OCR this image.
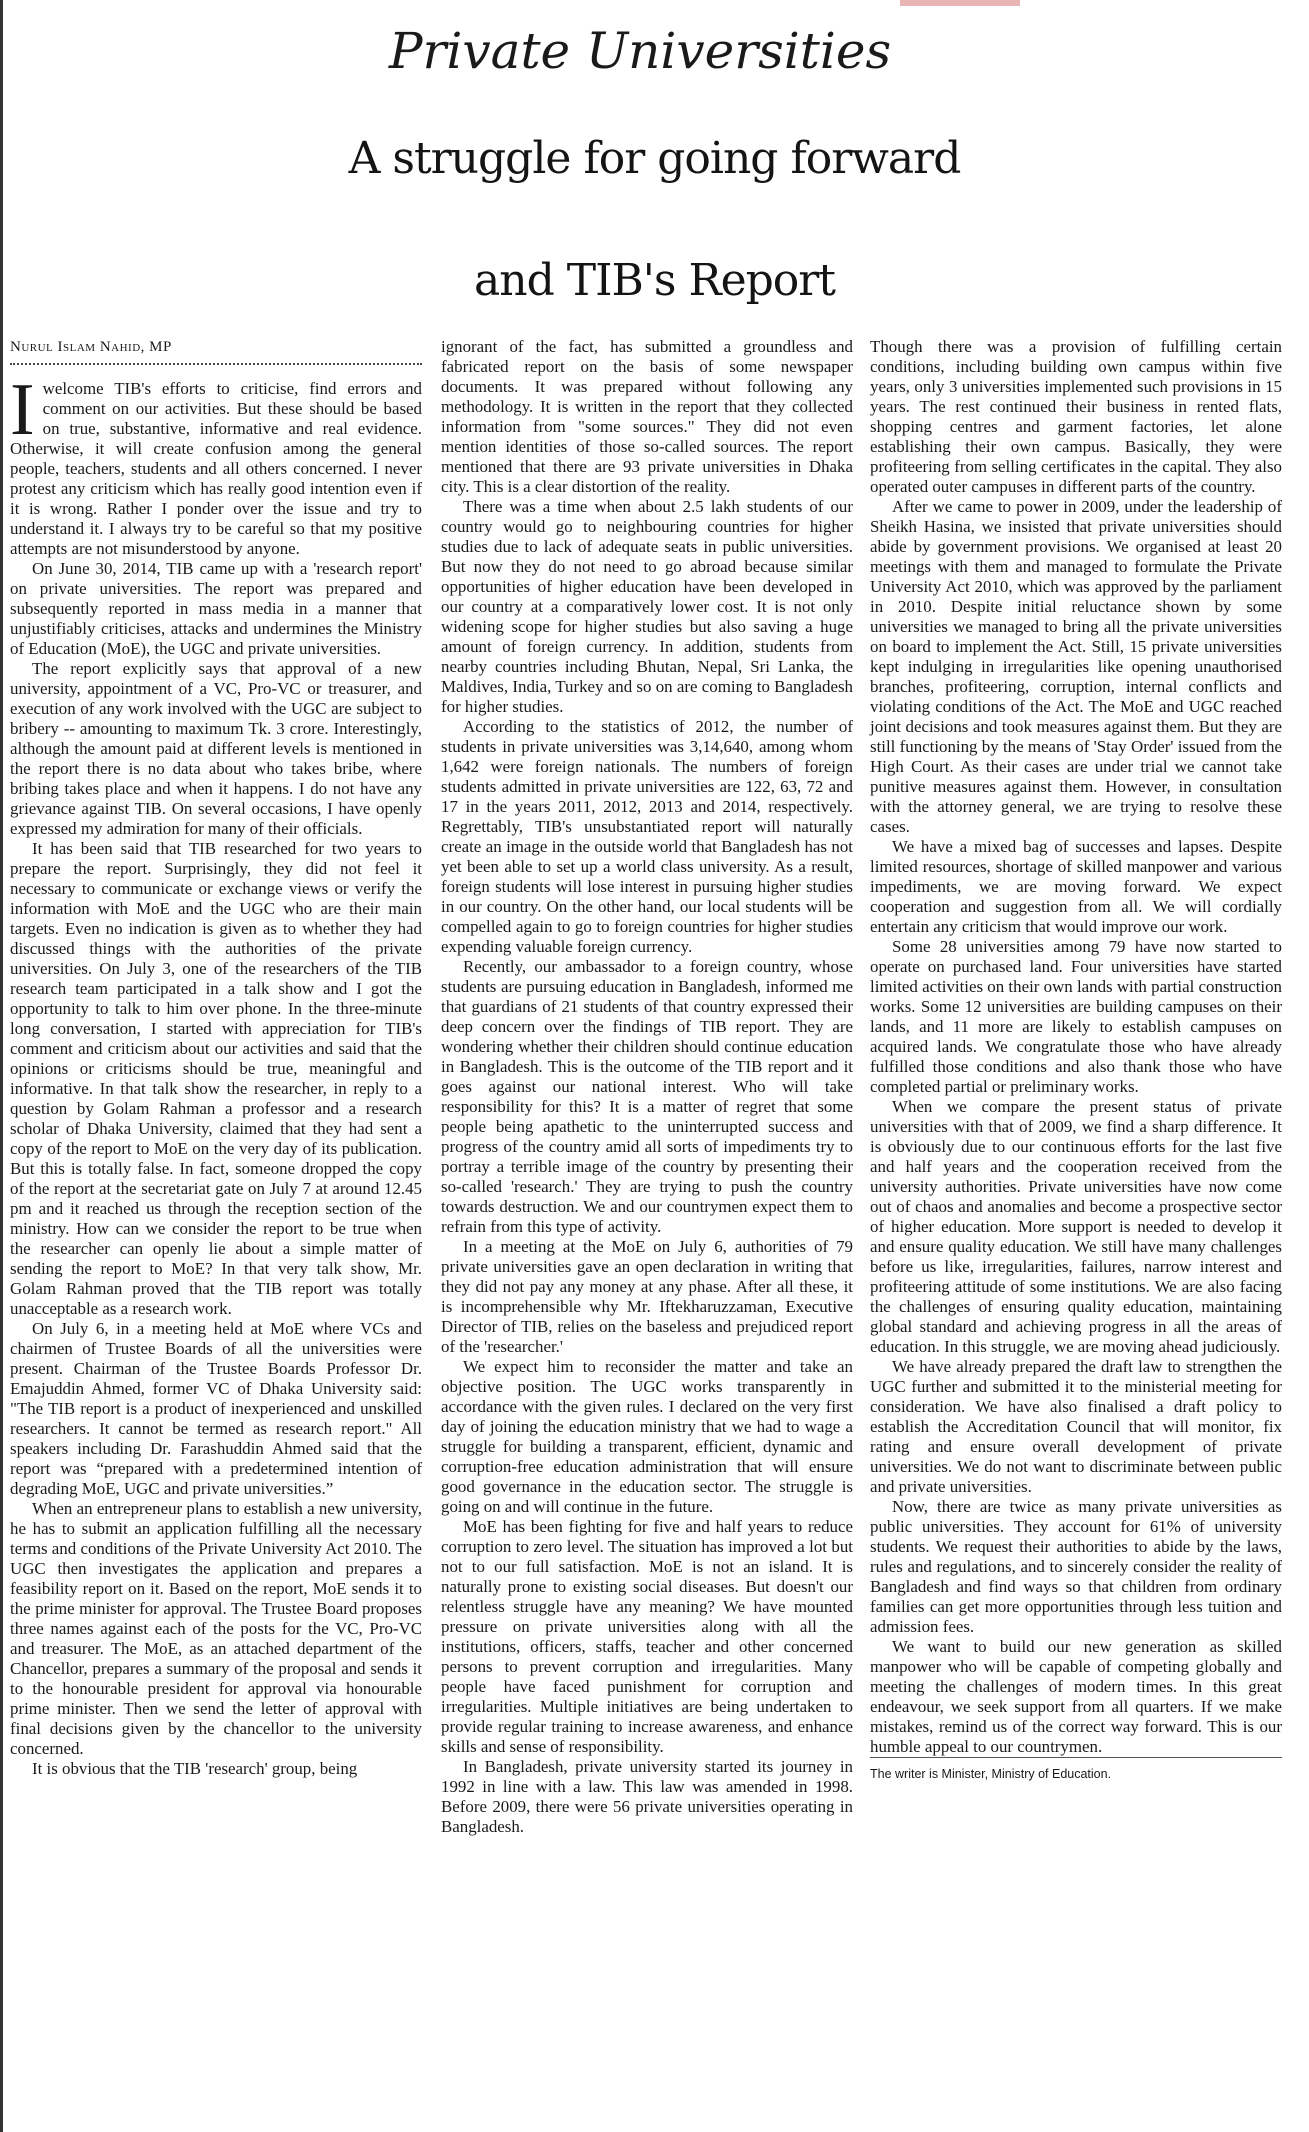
Private Universities
A struggle for going forward
and TIB's Report
Nurul Islam Nahid, MP

Iwelcome TIB's efforts to criticise, find errors and comment on our activities. But these should be based on true, substantive, informative and real evidence. Otherwise, it will create confusion among the general people, teachers, students and all others concerned. I never protest any criticism which has really good intention even if it is wrong. Rather I ponder over the issue and try to understand it. I always try to be careful so that my positive attempts are not misunderstood by anyone.

On June 30, 2014, TIB came up with a 'research report' on private universities. The report was prepared and subsequently reported in mass media in a manner that unjustifiably criticises, attacks and undermines the Ministry of Education (MoE), the UGC and private universities.

The report explicitly says that approval of a new university, appointment of a VC, Pro-VC or treasurer, and execution of any work involved with the UGC are subject to bribery -- amounting to maximum Tk. 3 crore. Interestingly, although the amount paid at different levels is mentioned in the report there is no data about who takes bribe, where bribing takes place and when it happens. I do not have any grievance against TIB. On several occasions, I have openly expressed my admiration for many of their officials.

It has been said that TIB researched for two years to prepare the report. Surprisingly, they did not feel it necessary to communicate or exchange views or verify the information with MoE and the UGC who are their main targets. Even no indication is given as to whether they had discussed things with the authorities of the private universities. On July 3, one of the researchers of the TIB research team participated in a talk show and I got the opportunity to talk to him over phone. In the three-minute long conversation, I started with appreciation for TIB's comment and criticism about our activities and said that the opinions or criticisms should be true, meaningful and informative. In that talk show the researcher, in reply to a question by Golam Rahman a professor and a research scholar of Dhaka University, claimed that they had sent a copy of the report to MoE on the very day of its publication. But this is totally false. In fact, someone dropped the copy of the report at the secretariat gate on July 7 at around 12.45 pm and it reached us through the reception section of the ministry. How can we consider the report to be true when the researcher can openly lie about a simple matter of sending the report to MoE? In that very talk show, Mr. Golam Rahman proved that the TIB report was totally unacceptable as a research work.

On July 6, in a meeting held at MoE where VCs and chairmen of Trustee Boards of all the universities were present. Chairman of the Trustee Boards Professor Dr. Emajuddin Ahmed, former VC of Dhaka University said: "The TIB report is a product of inexperienced and unskilled researchers. It cannot be termed as research report." All speakers including Dr. Farashuddin Ahmed said that the report was “prepared with a predetermined intention of degrading MoE, UGC and private universities.”

When an entrepreneur plans to establish a new university, he has to submit an application fulfilling all the necessary terms and conditions of the Private University Act 2010. The UGC then investigates the application and prepares a feasibility report on it. Based on the report, MoE sends it to the prime minister for approval. The Trustee Board proposes three names against each of the posts for the VC, Pro-VC and treasurer. The MoE, as an attached department of the Chancellor, prepares a summary of the proposal and sends it to the honourable president for approval via honourable prime minister. Then we send the letter of approval with final decisions given by the chancellor to the university concerned.

It is obvious that the TIB 'research' group, being

ignorant of the fact, has submitted a groundless and fabricated report on the basis of some newspaper documents. It was prepared without following any methodology. It is written in the report that they collected information from "some sources." They did not even mention identities of those so-called sources. The report mentioned that there are 93 private universities in Dhaka city. This is a clear distortion of the reality.

There was a time when about 2.5 lakh students of our country would go to neighbouring countries for higher studies due to lack of adequate seats in public universities. But now they do not need to go abroad because similar opportunities of higher education have been developed in our country at a comparatively lower cost. It is not only widening scope for higher studies but also saving a huge amount of foreign currency. In addition, students from nearby countries including Bhutan, Nepal, Sri Lanka, the Maldives, India, Turkey and so on are coming to Bangladesh for higher studies.

According to the statistics of 2012, the number of students in private universities was 3,14,640, among whom 1,642 were foreign nationals. The numbers of foreign students admitted in private universities are 122, 63, 72 and 17 in the years 2011, 2012, 2013 and 2014, respectively. Regrettably, TIB's unsubstantiated report will naturally create an image in the outside world that Bangladesh has not yet been able to set up a world class university. As a result, foreign students will lose interest in pursuing higher studies in our country. On the other hand, our local students will be compelled again to go to foreign countries for higher studies expending valuable foreign currency.

Recently, our ambassador to a foreign country, whose students are pursuing education in Bangladesh, informed me that guardians of 21 students of that country expressed their deep concern over the findings of TIB report. They are wondering whether their children should continue education in Bangladesh. This is the outcome of the TIB report and it goes against our national interest. Who will take responsibility for this? It is a matter of regret that some people being apathetic to the uninterrupted success and progress of the country amid all sorts of impediments try to portray a terrible image of the country by presenting their so-called 'research.' They are trying to push the country towards destruction. We and our countrymen expect them to refrain from this type of activity.

In a meeting at the MoE on July 6, authorities of 79 private universities gave an open declaration in writing that they did not pay any money at any phase. After all these, it is incomprehensible why Mr. Iftekharuzzaman, Executive Director of TIB, relies on the baseless and prejudiced report of the 'researcher.'

We expect him to reconsider the matter and take an objective position. The UGC works transparently in accordance with the given rules. I declared on the very first day of joining the education ministry that we had to wage a struggle for building a transparent, efficient, dynamic and corruption-free education administration that will ensure good governance in the education sector. The struggle is going on and will continue in the future.

MoE has been fighting for five and half years to reduce corruption to zero level. The situation has improved a lot but not to our full satisfaction. MoE is not an island. It is naturally prone to existing social diseases. But doesn't our relentless struggle have any meaning? We have mounted pressure on private universities along with all the institutions, officers, staffs, teacher and other concerned persons to prevent corruption and irregularities. Many people have faced punishment for corruption and irregularities. Multiple initiatives are being undertaken to provide regular training to increase awareness, and enhance skills and sense of responsibility.

In Bangladesh, private university started its journey in 1992 in line with a law. This law was amended in 1998. Before 2009, there were 56 private universities operating in Bangladesh.

Though there was a provision of fulfilling certain conditions, including building own campus within five years, only 3 universities implemented such provisions in 15 years. The rest continued their business in rented flats, shopping centres and garment factories, let alone establishing their own campus. Basically, they were profiteering from selling certificates in the capital. They also operated outer campuses in different parts of the country.

After we came to power in 2009, under the leadership of Sheikh Hasina, we insisted that private universities should abide by government provisions. We organised at least 20 meetings with them and managed to formulate the Private University Act 2010, which was approved by the parliament in 2010. Despite initial reluctance shown by some universities we managed to bring all the private universities on board to implement the Act. Still, 15 private universities kept indulging in irregularities like opening unauthorised branches, profiteering, corruption, internal conflicts and violating conditions of the Act. The MoE and UGC reached joint decisions and took measures against them. But they are still functioning by the means of 'Stay Order' issued from the High Court. As their cases are under trial we cannot take punitive measures against them. However, in consultation with the attorney general, we are trying to resolve these cases.

We have a mixed bag of successes and lapses. Despite limited resources, shortage of skilled manpower and various impediments, we are moving forward. We expect cooperation and suggestion from all. We will cordially entertain any criticism that would improve our work.

Some 28 universities among 79 have now started to operate on purchased land. Four universities have started limited activities on their own lands with partial construction works. Some 12 universities are building campuses on their lands, and 11 more are likely to establish campuses on acquired lands. We congratulate those who have already fulfilled those conditions and also thank those who have completed partial or preliminary works.

When we compare the present status of private universities with that of 2009, we find a sharp difference. It is obviously due to our continuous efforts for the last five and half years and the cooperation received from the university authorities. Private universities have now come out of chaos and anomalies and become a prospective sector of higher education. More support is needed to develop it and ensure quality education. We still have many challenges before us like, irregularities, failures, narrow interest and profiteering attitude of some institutions. We are also facing the challenges of ensuring quality education, maintaining global standard and achieving progress in all the areas of education. In this struggle, we are moving ahead judiciously.

We have already prepared the draft law to strengthen the UGC further and submitted it to the ministerial meeting for consideration. We have also finalised a draft policy to establish the Accreditation Council that will monitor, fix rating and ensure overall development of private universities. We do not want to discriminate between public and private universities.

Now, there are twice as many private universities as public universities. They account for 61% of university students. We request their authorities to abide by the laws, rules and regulations, and to sincerely consider the reality of Bangladesh and find ways so that children from ordinary families can get more opportunities through less tuition and admission fees.

We want to build our new generation as skilled manpower who will be capable of competing globally and meeting the challenges of modern times. In this great endeavour, we seek support from all quarters. If we make mistakes, remind us of the correct way forward. This is our humble appeal to our countrymen.

The writer is Minister, Ministry of Education.
